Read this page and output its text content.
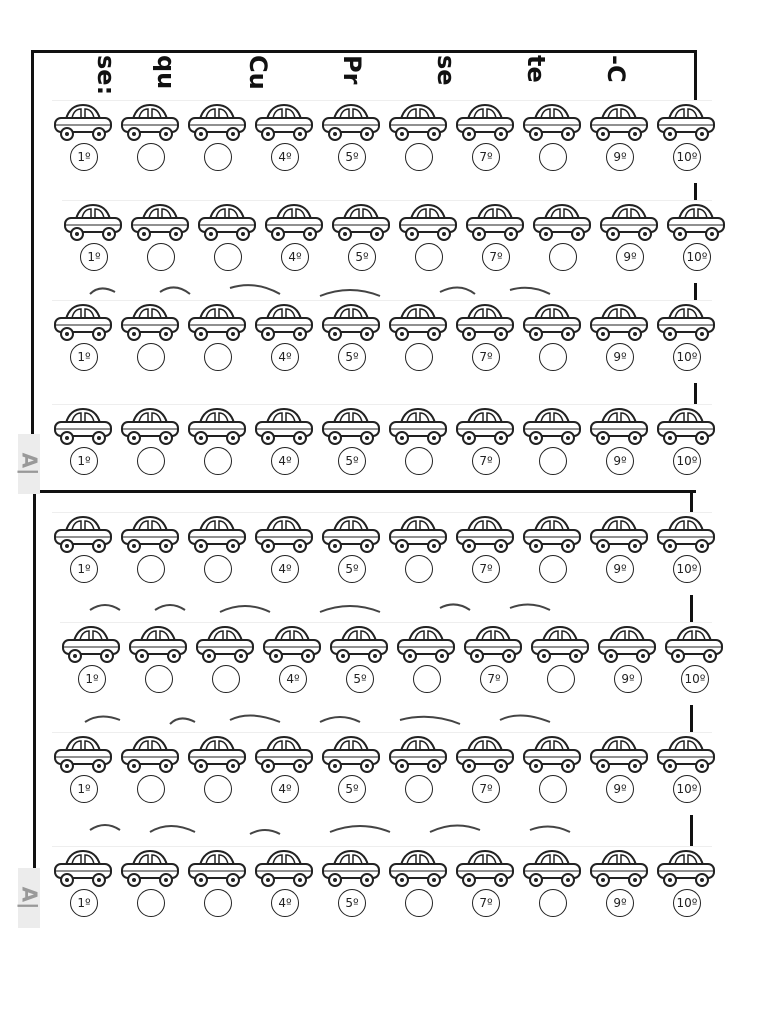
se: qu	Cu	Pr	se	te -C
A|
A|
1º	4º	5º	7º	9º	10º
1º	4º	5º	7º	9º	10º
1º	4º	5º	7º	9º	10º
1º	4º	5º	7º	9º	10º
1º	4º	5º	7º	9º	10º
1º	4º	5º	7º	9º	10º
1º	4º	5º	7º	9º	10º
1º	4º	5º	7º	9º	10º
